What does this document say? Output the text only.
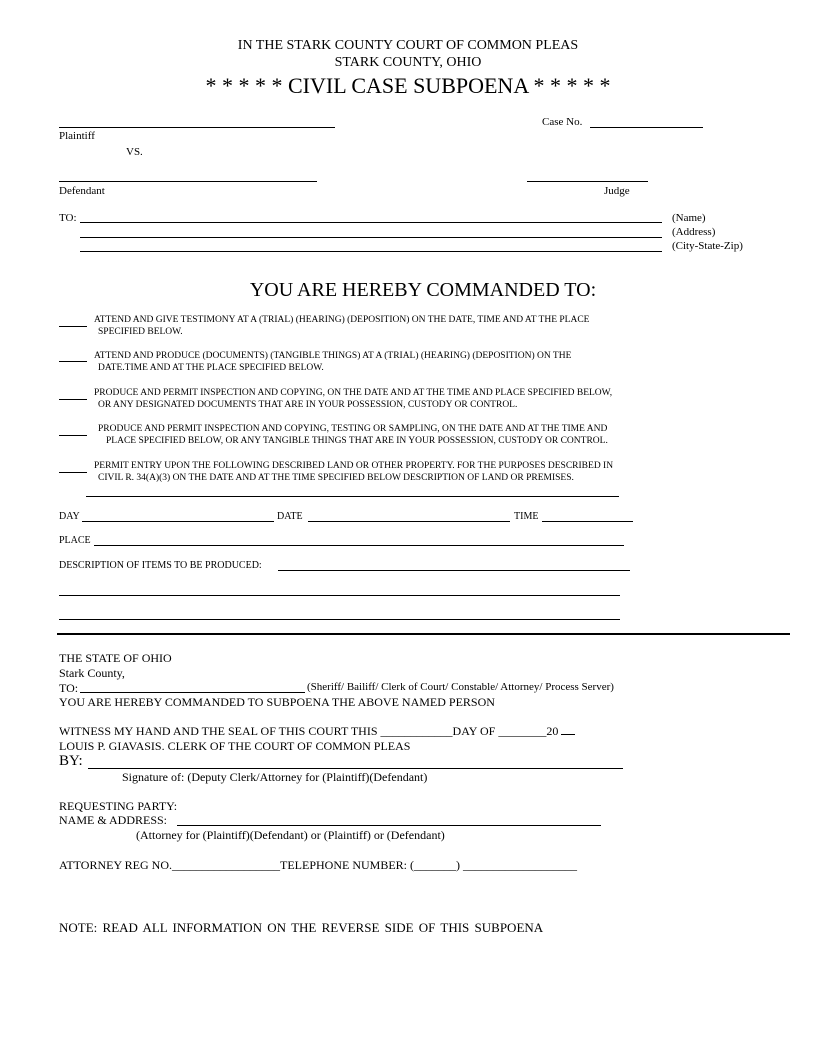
IN THE STARK COUNTY COURT OF COMMON PLEAS
STARK COUNTY, OHIO
* * * * * CIVIL CASE SUBPOENA * * * * *
Plaintiff
VS.
Defendant
Case No.
Judge
TO:	(Name)
(Address)
(City-State-Zip)
YOU ARE HEREBY COMMANDED TO:
ATTEND AND GIVE TESTIMONY AT A (TRIAL) (HEARING) (DEPOSITION) ON THE DATE, TIME AND AT THE PLACE
SPECIFIED BELOW.
ATTEND AND PRODUCE (DOCUMENTS) (TANGIBLE THINGS) AT A (TRIAL) (HEARING) (DEPOSITION) ON THE
DATE.TIME AND AT THE PLACE SPECIFIED BELOW.
PRODUCE AND PERMIT INSPECTION AND COPYING, ON THE DATE AND AT THE TIME AND PLACE SPECIFIED BELOW,
OR ANY DESIGNATED DOCUMENTS THAT ARE IN YOUR POSSESSION, CUSTODY OR CONTROL.
PRODUCE AND PERMIT INSPECTION AND COPYING, TESTING OR SAMPLING, ON THE DATE AND AT THE TIME AND
PLACE SPECIFIED BELOW, OR ANY TANGIBLE THINGS THAT ARE IN YOUR POSSESSION, CUSTODY OR CONTROL.
PERMIT ENTRY UPON THE FOLLOWING DESCRIBED LAND OR OTHER PROPERTY. FOR THE PURPOSES DESCRIBED IN
CIVIL R. 34(A)(3) ON THE DATE AND AT THE TIME SPECIFIED BELOW DESCRIPTION OF LAND OR PREMISES.
DAY	DATE	TIME
PLACE
DESCRIPTION OF ITEMS TO BE PRODUCED:
THE STATE OF OHIO
Stark County,
TO:	(Sheriff/ Bailiff/ Clerk of Court/ Constable/ Attorney/ Process Server)
YOU ARE HEREBY COMMANDED TO SUBPOENA THE ABOVE NAMED PERSON
WITNESS MY HAND AND THE SEAL OF THIS COURT THIS ____________DAY OF ________20
LOUIS P. GIAVASIS. CLERK OF THE COURT OF COMMON PLEAS
BY:
Signature of: (Deputy Clerk/Attorney for (Plaintiff)(Defendant)
REQUESTING PARTY:
NAME & ADDRESS:
(Attorney for (Plaintiff)(Defendant) or (Plaintiff) or (Defendant)
ATTORNEY REG NO.__________________TELEPHONE NUMBER: (_______) ___________________
NOTE: READ ALL INFORMATION ON THE REVERSE SIDE OF THIS SUBPOENA
